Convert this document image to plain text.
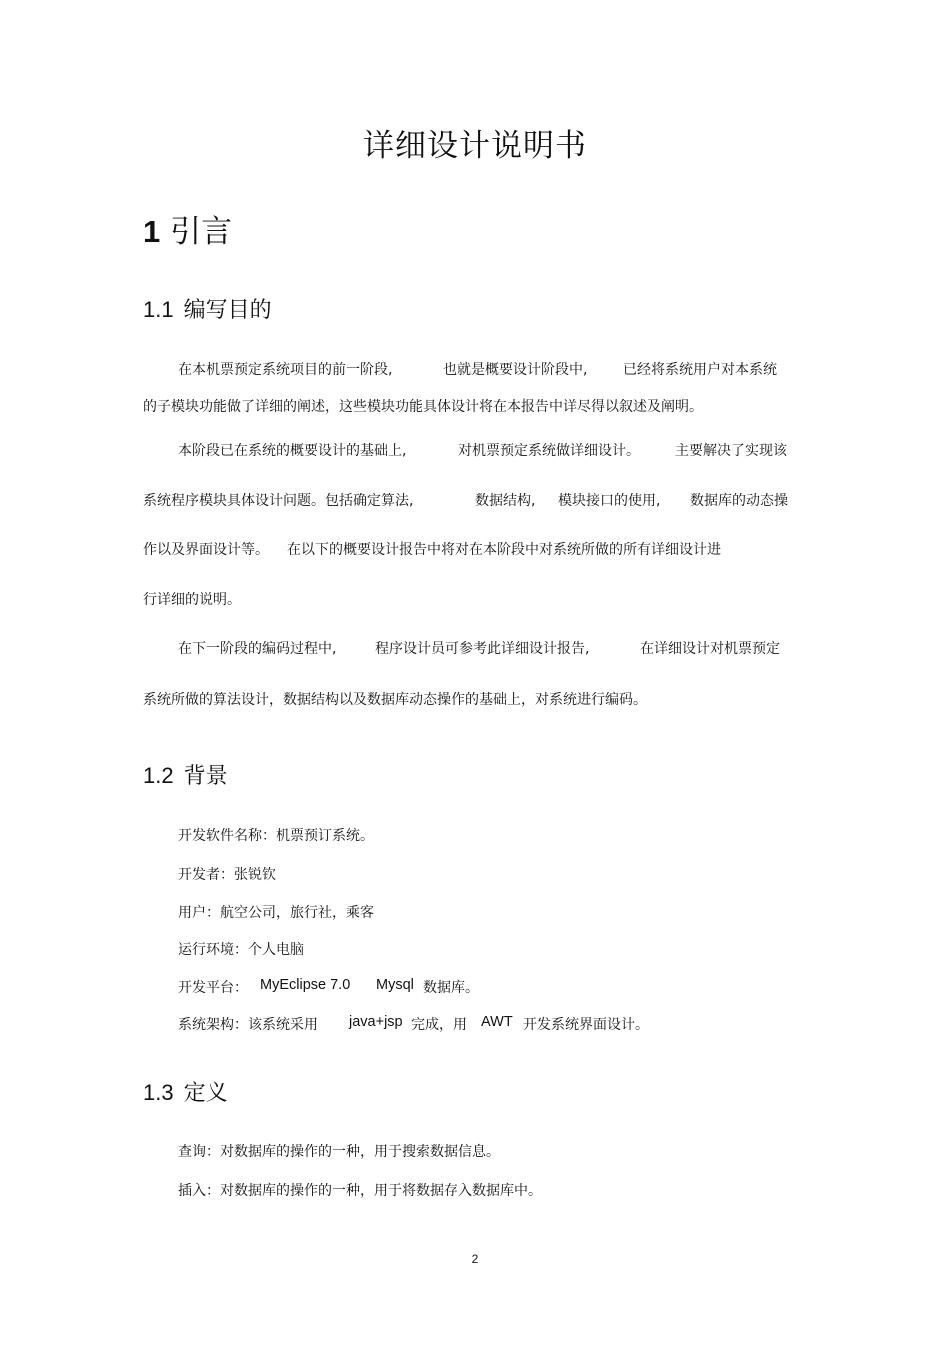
详细设计说明书
1 引言
1.1 编写目的
在本机票预定系统项目的前一阶段,	也就是概要设计阶段中,	已经将系统用户对本系统
的子模块功能做了详细的阐述，这些模块功能具体设计将在本报告中详尽得以叙述及阐明。
本阶段已在系统的概要设计的基础上,	对机票预定系统做详细设计。	主要解决了实现该
系统程序模块具体设计问题。包括确定算法,	数据结构, 模块接口的使用, 数据库的动态操
作以及界面设计等。 在以下的概要设计报告中将对在本阶段中对系统所做的所有详细设计进
行详细的说明。
在下一阶段的编码过程中,	程序设计员可参考此详细设计报告,	在详细设计对机票预定
系统所做的算法设计，数据结构以及数据库动态操作的基础上，对系统进行编码。
1.2 背景
开发软件名称：机票预订系统。
开发者：张锐钦
用户：航空公司，旅行社，乘客
运行环境：个人电脑
开发平台： MyEclipse 7.0 Mysql 数据库。
系统架构：该系统采用 java+jsp 完成，用 AWT 开发系统界面设计。
1.3 定义
查询：对数据库的操作的一种，用于搜索数据信息。
插入：对数据库的操作的一种，用于将数据存入数据库中。
2
